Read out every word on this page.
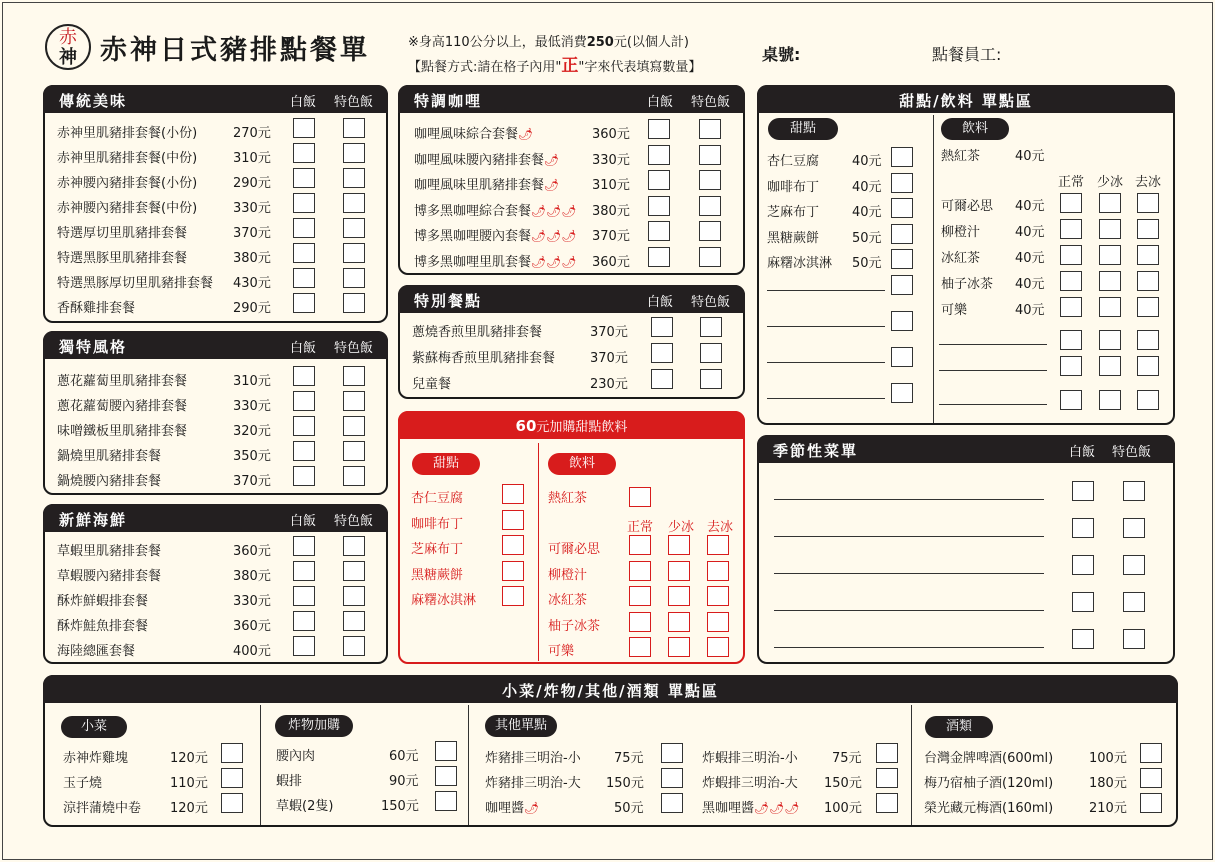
赤
神 赤神日式豬排點餐單	※身高110公分以上，最低消費250元(以個人計)
【點餐方式:請在格子內用"正"字來代表填寫數量】
桌號:	點餐員工:
傳統美味	白飯 特色飯
赤神里肌豬排套餐(小份)	270元
赤神里肌豬排套餐(中份)	310元
赤神腰內豬排套餐(小份)	290元
赤神腰內豬排套餐(中份)	330元
特選厚切里肌豬排套餐	370元
特選黑豚里肌豬排套餐	380元
特選黑豚厚切里肌豬排套餐 430元
香酥雞排套餐	290元
獨特風格	白飯 特色飯
蔥花蘿蔔里肌豬排套餐	310元
蔥花蘿蔔腰內豬排套餐	330元
味噌鐵板里肌豬排套餐	320元
鍋燒里肌豬排套餐	350元
鍋燒腰內豬排套餐	370元
新鮮海鮮	白飯 特色飯
草蝦里肌豬排套餐	360元
草蝦腰內豬排套餐	380元
酥炸鮮蝦排套餐	330元
酥炸鮭魚排套餐	360元
海陸總匯套餐	400元
特調咖哩	白飯 特色飯
咖哩風味綜合套餐🌶	360元
咖哩風味腰內豬排套餐🌶	330元
咖哩風味里肌豬排套餐🌶	310元
博多黑咖哩綜合套餐🌶🌶🌶 380元
博多黑咖哩腰內套餐🌶🌶🌶 370元
博多黑咖哩里肌套餐🌶🌶🌶 360元
特別餐點	白飯 特色飯
蔥燒香煎里肌豬排套餐	370元
紫蘇梅香煎里肌豬排套餐	370元
兒童餐	230元
60元加購甜點飲料
甜點	飲料
杏仁豆腐
咖啡布丁
芝麻布丁
黑糖蕨餅
麻糬冰淇淋
熱紅茶
正常 少冰 去冰
可爾必思
柳橙汁
冰紅茶
柚子冰茶
可樂
甜點/飲料 單點區
甜點	飲料
杏仁豆腐	40元
咖啡布丁	40元
芝麻布丁	40元
黑糖蕨餅	50元
麻糬冰淇淋 50元
熱紅茶	40元
正常 少冰 去冰
可爾必思 40元
柳橙汁	40元
冰紅茶	40元
柚子冰茶 40元
可樂	40元
季節性菜單	白飯 特色飯
小菜/炸物/其他/酒類 單點區
小菜	炸物加購	其他單點	酒類
赤神炸雞塊	120元
玉子燒	110元
涼拌蒲燒中卷 120元
腰內肉	60元
蝦排	90元
草蝦(2隻)	150元
炸豬排三明治-小	75元
炸豬排三明治-大 150元
咖哩醬🌶	50元
炸蝦排三明治-小	75元
炸蝦排三明治-大 150元
黑咖哩醬🌶🌶🌶 100元
台灣金牌啤酒(600ml)	100元
梅乃宿柚子酒(120ml)	180元
榮光藏元梅酒(160ml)	210元
